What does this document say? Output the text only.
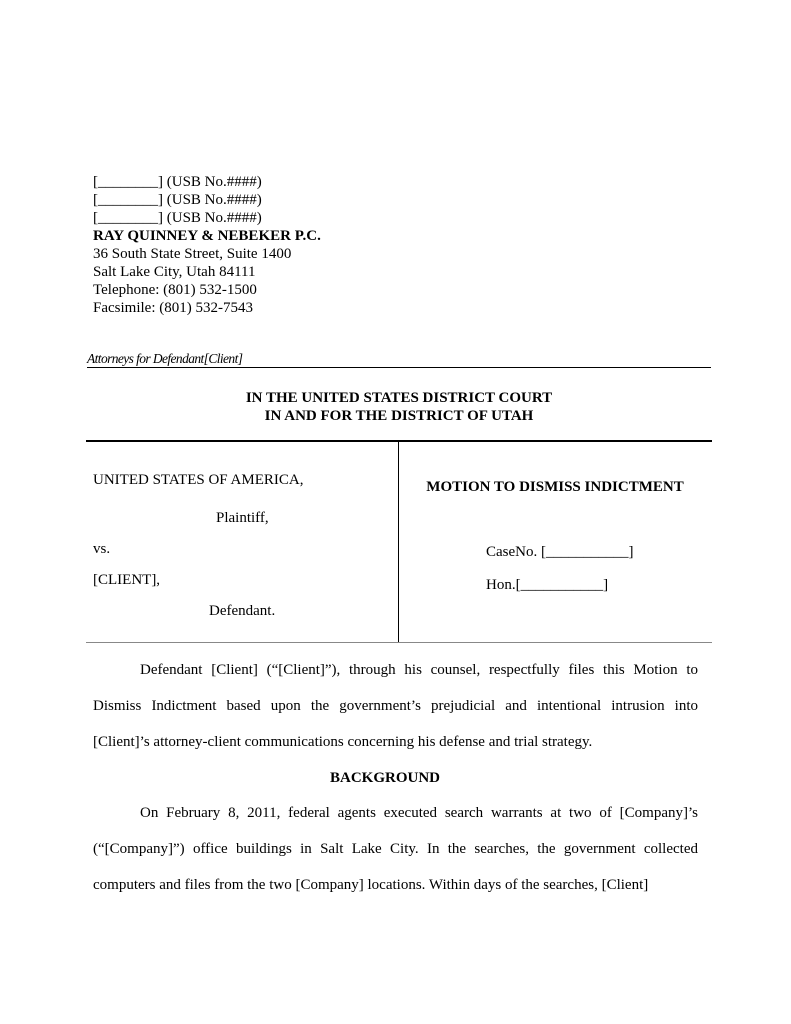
[________] (USB No.####)
[________] (USB No.####)
[________] (USB No.####)
RAY QUINNEY & NEBEKER P.C.
36 South State Street, Suite 1400
Salt Lake City, Utah 84111
Telephone: (801) 532-1500
Facsimile: (801) 532-7543
Attorneys for Defendant[Client]
IN THE UNITED STATES DISTRICT COURT
IN AND FOR THE DISTRICT OF UTAH
UNITED STATES OF AMERICA,
Plaintiff,
vs.
[CLIENT],
Defendant.
MOTION TO DISMISS INDICTMENT
CaseNo. [___________]
Hon.[___________]
Defendant [Client] (“[Client]”), through his counsel, respectfully files this Motion to
Dismiss Indictment based upon the government’s prejudicial and intentional intrusion into
[Client]’s attorney-client communications concerning his defense and trial strategy.
BACKGROUND
On February 8, 2011, federal agents executed search warrants at two of [Company]’s
(“[Company]”) office buildings in Salt Lake City. In the searches, the government collected
computers and files from the two [Company] locations. Within days of the searches, [Client]
